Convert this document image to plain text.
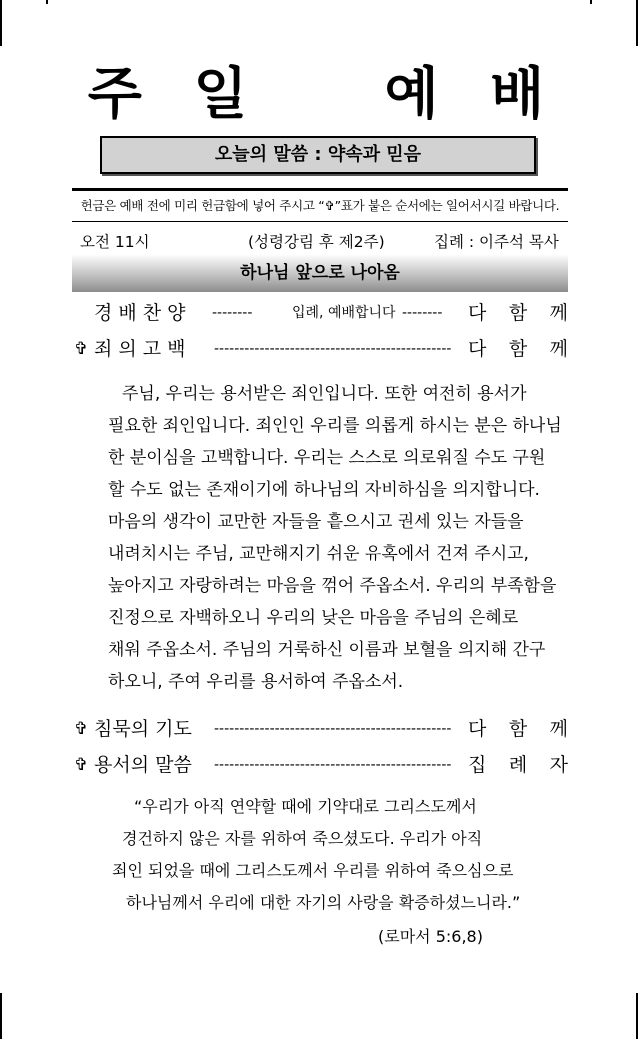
주 일 예 배
오늘의 말씀 : 약속과 믿음
헌금은 예배 전에 미리 헌금함에 넣어 주시고 “✞”표가 붙은 순서에는 일어서시길 바랍니다.
오전 11시	(성령강림 후 제2주)	집례 : 이주석 목사
하나님 앞으로 나아옴
경 배 찬 양 --------	입례, 예배합니다 -------- 다 함 께
✞ 죄 의 고 백 ----------------------------------------------- 다 함 께
주님, 우리는 용서받은 죄인입니다. 또한 여전히 용서가
필요한 죄인입니다. 죄인인 우리를 의롭게 하시는 분은 하나님
한 분이심을 고백합니다. 우리는 스스로 의로워질 수도 구원
할 수도 없는 존재이기에 하나님의 자비하심을 의지합니다.
마음의 생각이 교만한 자들을 흩으시고 권세 있는 자들을
내려치시는 주님, 교만해지기 쉬운 유혹에서 건져 주시고,
높아지고 자랑하려는 마음을 꺾어 주옵소서. 우리의 부족함을
진정으로 자백하오니 우리의 낮은 마음을 주님의 은혜로
채워 주옵소서. 주님의 거룩하신 이름과 보혈을 의지해 간구
하오니, 주여 우리를 용서하여 주옵소서.
✞ 침묵의 기도 ----------------------------------------------- 다 함 께
✞ 용서의 말씀 ----------------------------------------------- 집 례 자
“우리가 아직 연약할 때에 기약대로 그리스도께서
경건하지 않은 자를 위하여 죽으셨도다. 우리가 아직
죄인 되었을 때에 그리스도께서 우리를 위하여 죽으심으로
하나님께서 우리에 대한 자기의 사랑을 확증하셨느니라.”
(로마서 5:6,8)
